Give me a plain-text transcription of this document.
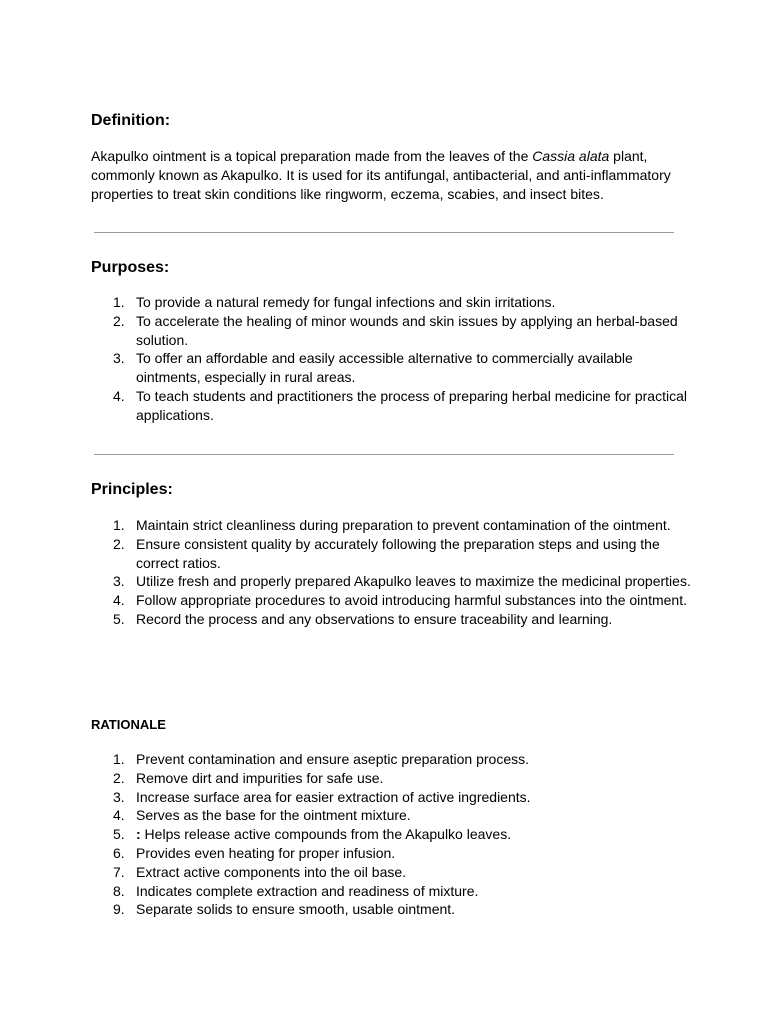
Definition:

Akapulko ointment is a topical preparation made from the leaves of the Cassia alata plant, commonly known as Akapulko. It is used for its antifungal, antibacterial, and anti-inflammatory properties to treat skin conditions like ringworm, eczema, scabies, and insect bites.

Purposes:
1. To provide a natural remedy for fungal infections and skin irritations.
2. To accelerate the healing of minor wounds and skin issues by applying an herbal-based solution.
3. To offer an affordable and easily accessible alternative to commercially available ointments, especially in rural areas.
4. To teach students and practitioners the process of preparing herbal medicine for practical applications.
Principles:
1. Maintain strict cleanliness during preparation to prevent contamination of the ointment.
2. Ensure consistent quality by accurately following the preparation steps and using the correct ratios.
3. Utilize fresh and properly prepared Akapulko leaves to maximize the medicinal properties.
4. Follow appropriate procedures to avoid introducing harmful substances into the ointment.
5. Record the process and any observations to ensure traceability and learning.
RATIONALE
1. Prevent contamination and ensure aseptic preparation process.
2. Remove dirt and impurities for safe use.
3. Increase surface area for easier extraction of active ingredients.
4. Serves as the base for the ointment mixture.
5. : Helps release active compounds from the Akapulko leaves.
6. Provides even heating for proper infusion.
7. Extract active components into the oil base.
8. Indicates complete extraction and readiness of mixture.
9. Separate solids to ensure smooth, usable ointment.
